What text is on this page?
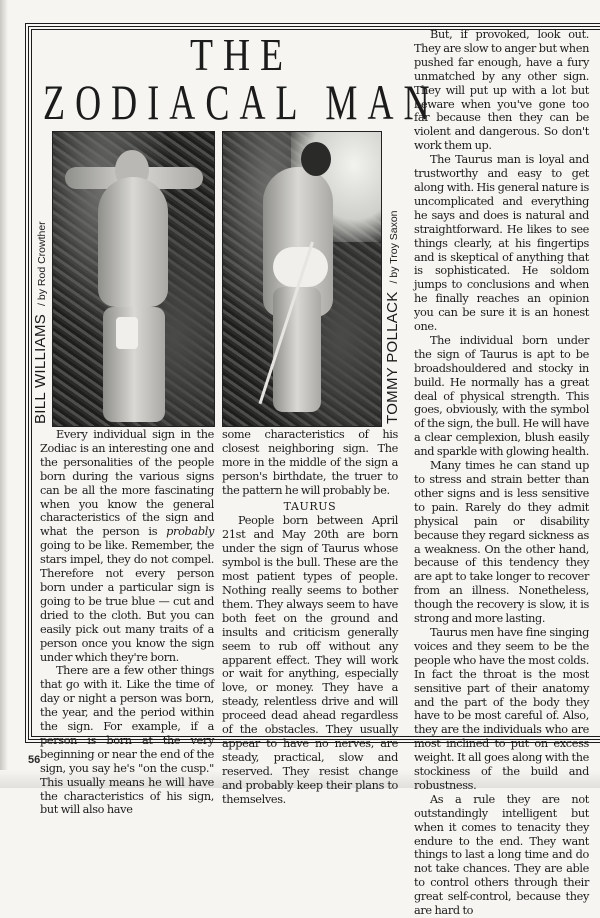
THE
ZODIACAL MAN
BILL WILLIAMS/ by Rod Crowther
TOMMY POLLACK/ by Troy Saxon

Every individual sign in the Zodiac is an interesting one and the personalities of the people born during the various signs can be all the more fascinating when you know the general characteristics of the sign and what the person is probably going to be like. Remember, the stars impel, they do not compel. Therefore not every person born under a particular sign is going to be true blue — cut and dried to the cloth. But you can easily pick out many traits of a person once you know the sign under which they're born.

There are a few other things that go with it. Like the time of day or night a person was born, the year, and the period within the sign. For example, if a person is born at the very beginning or near the end of the sign, you say he's "on the cusp." This usually means he will have the characteristics of his sign, but will also have

some characteristics of his closest neighboring sign. The more in the middle of the sign a person's birthdate, the truer to the pattern he will probably be.

TAURUS

People born between April 21st and May 20th are born under the sign of Taurus whose symbol is the bull. These are the most patient types of people. Nothing really seems to bother them. They always seem to have both feet on the ground and insults and criticism generally seem to rub off without any apparent effect. They will work or wait for anything, especially love, or money. They have a steady, relentless drive and will proceed dead ahead regardless of the obstacles. They usually appear to have no nerves, are steady, practical, slow and reserved. They resist change and probably keep their plans to themselves.

But, if provoked, look out. They are slow to anger but when pushed far enough, have a fury unmatched by any other sign. They will put up with a lot but beware when you've gone too far because then they can be violent and dangerous. So don't work them up.

The Taurus man is loyal and trustworthy and easy to get along with. His general nature is uncomplicated and everything he says and does is natural and straightforward. He likes to see things clearly, at his fingertips and is skeptical of anything that is sophisticated. He soldom jumps to conclusions and when he finally reaches an opinion you can be sure it is an honest one.

The individual born under the sign of Taurus is apt to be broadshouldered and stocky in build. He normally has a great deal of physical strength. This goes, obviously, with the symbol of the sign, the bull. He will have a clear cemplexion, blush easily and sparkle with glowing health.

Many times he can stand up to stress and strain better than other signs and is less sensitive to pain. Rarely do they admit physical pain or disability because they regard sickness as a weakness. On the other hand, because of this tendency they are apt to take longer to recover from an illness. Nonetheless, though the recovery is slow, it is strong and more lasting.

Taurus men have fine singing voices and they seem to be the people who have the most colds. In fact the throat is the most sensitive part of their anatomy and the part of the body they have to be most careful of. Also, they are the individuals who are most inclined to put on excess weight. It all goes along with the stockiness of the build and robustness.

As a rule they are not outstandingly intelligent but when it comes to tenacity they endure to the end. They want things to last a long time and do not take chances. They are able to control others through their great self-control, because they are hard to

56
